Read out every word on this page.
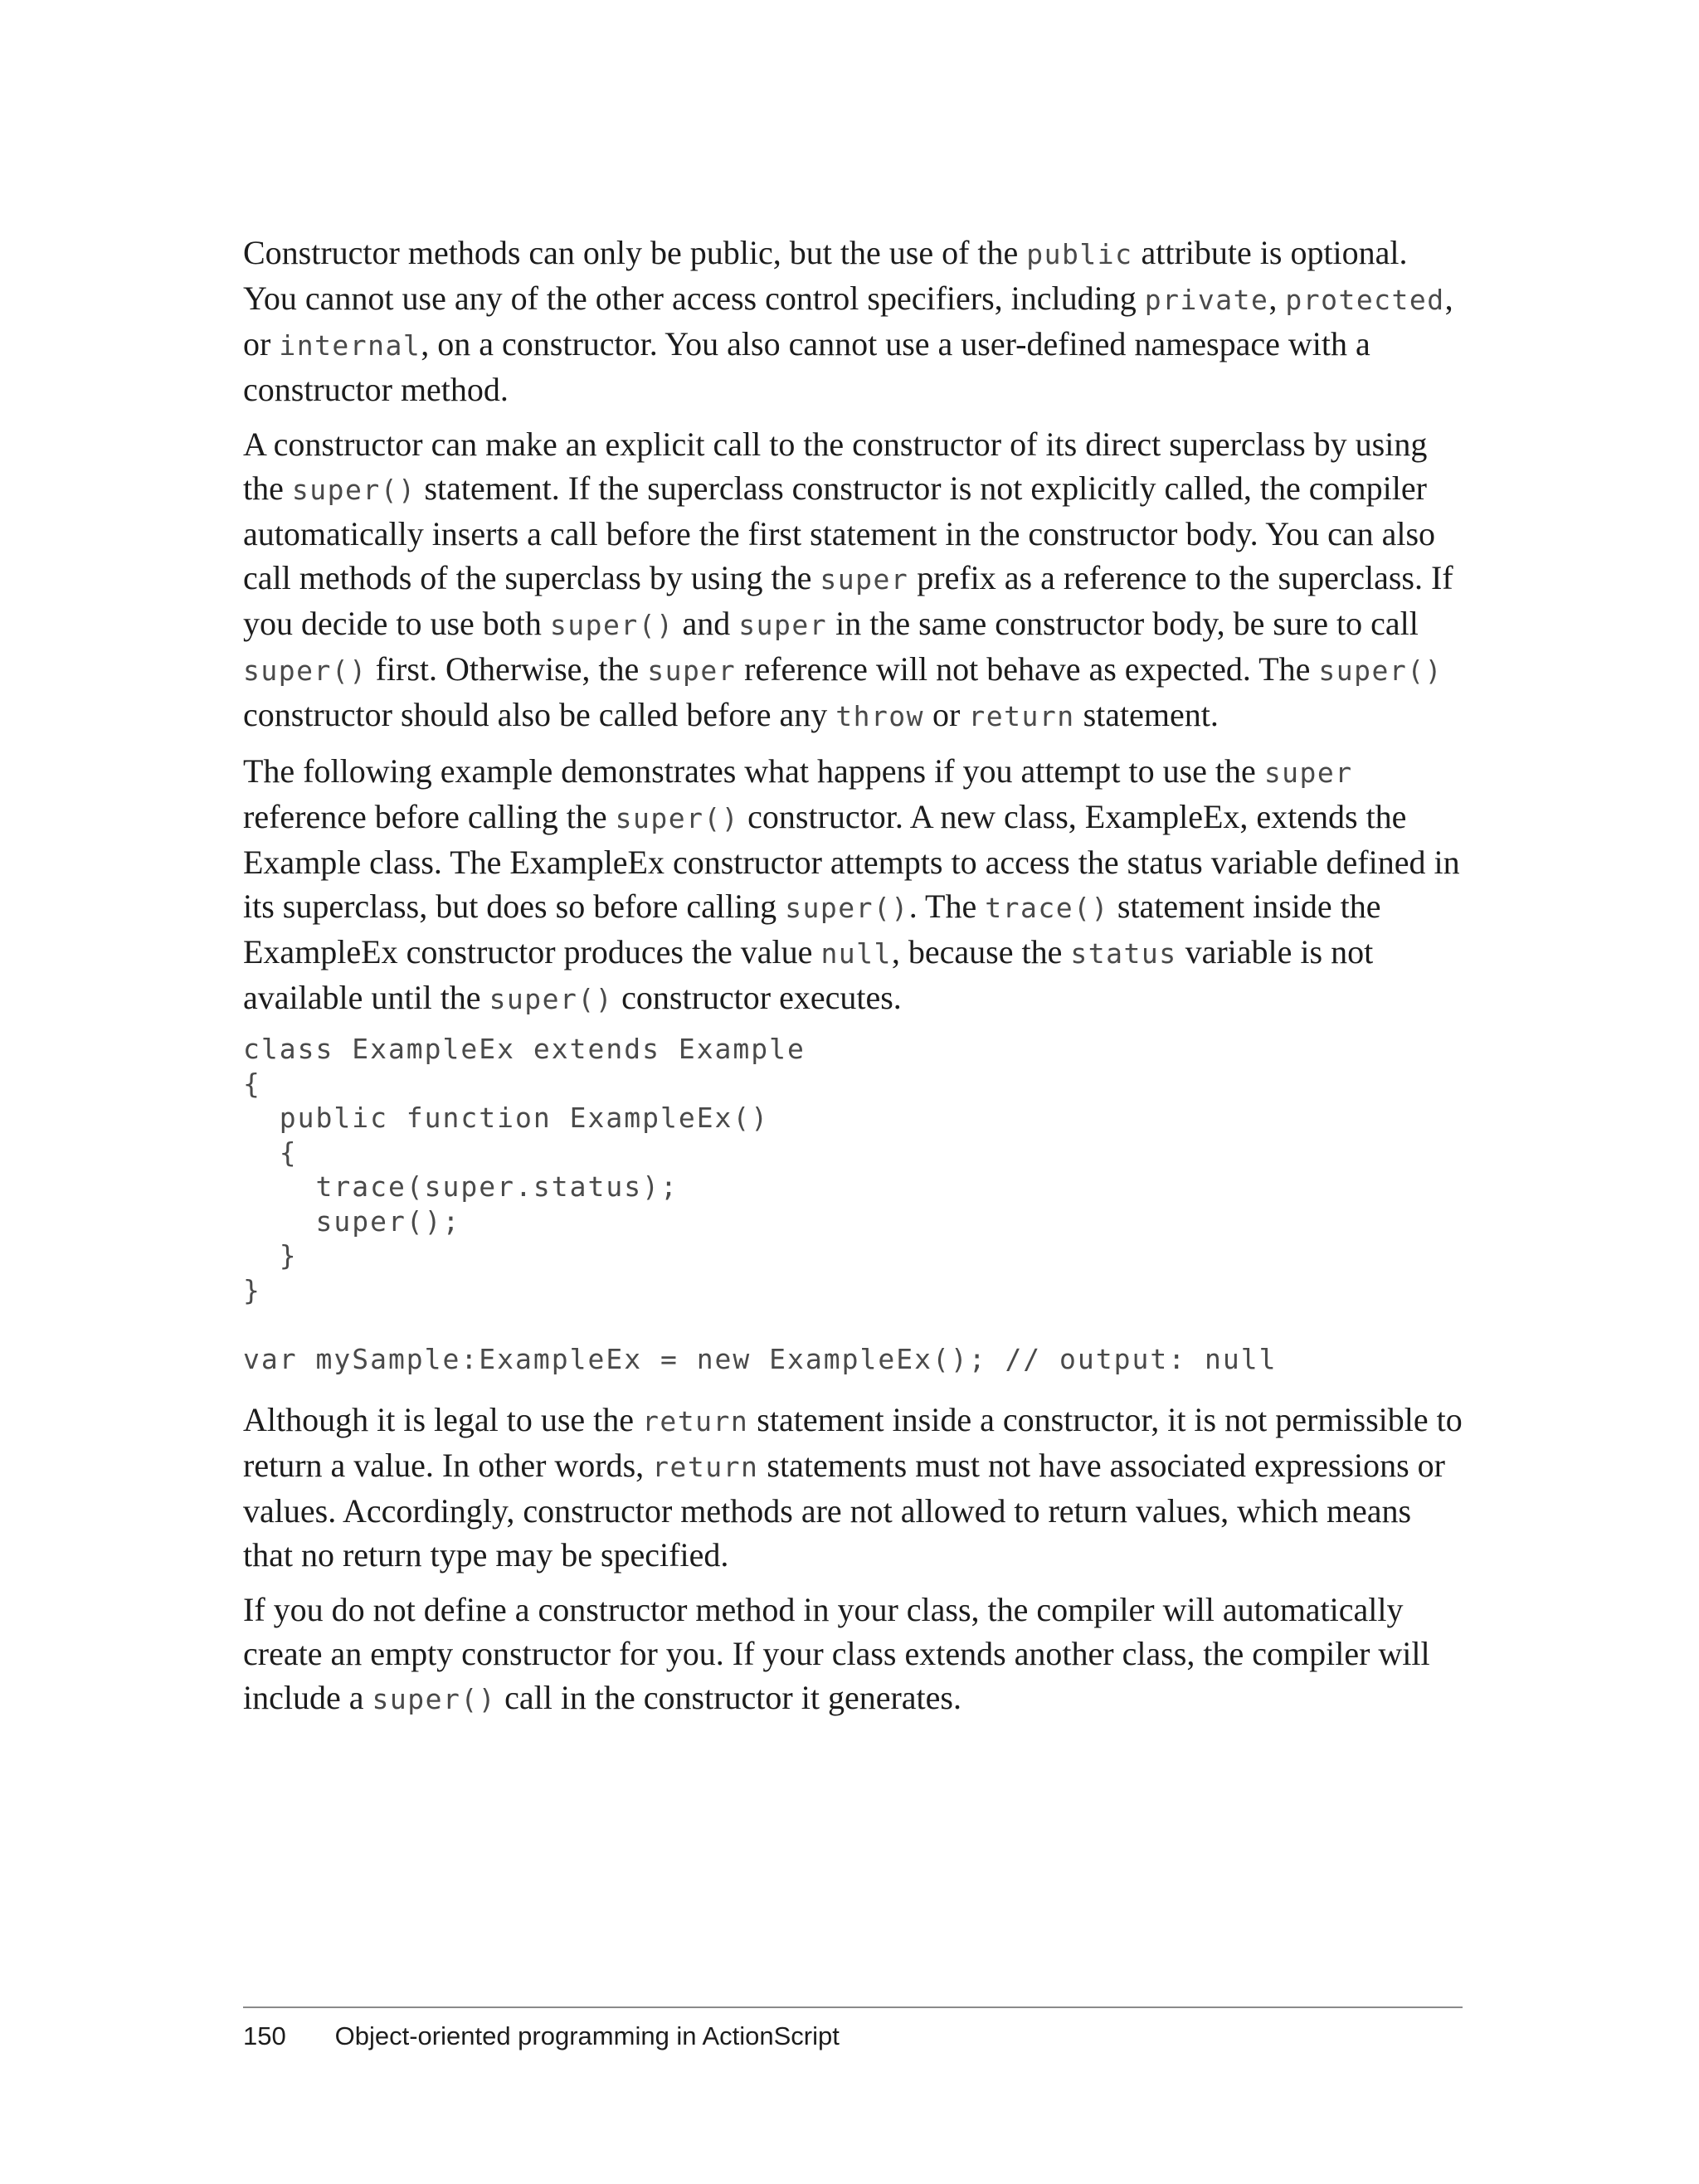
Constructor methods can only be public, but the use of the public attribute is optional. You cannot use any of the other access control specifiers, including private, protected, or internal, on a constructor. You also cannot use a user-defined namespace with a constructor method.

A constructor can make an explicit call to the constructor of its direct superclass by using the super() statement. If the superclass constructor is not explicitly called, the compiler automatically inserts a call before the first statement in the constructor body. You can also call methods of the superclass by using the super prefix as a reference to the superclass. If you decide to use both super() and super in the same constructor body, be sure to call super() first. Otherwise, the super reference will not behave as expected. The super() constructor should also be called before any throw or return statement.

The following example demonstrates what happens if you attempt to use the super reference before calling the super() constructor. A new class, ExampleEx, extends the Example class. The ExampleEx constructor attempts to access the status variable defined in its superclass, but does so before calling super(). The trace() statement inside the ExampleEx constructor produces the value null, because the status variable is not available until the super() constructor executes.

class ExampleEx extends Example
{
public function ExampleEx()
{
trace(super.status);
super();
}
}
var mySample:ExampleEx = new ExampleEx(); // output: null

Although it is legal to use the return statement inside a constructor, it is not permissible to return a value. In other words, return statements must not have associated expressions or values. Accordingly, constructor methods are not allowed to return values, which means that no return type may be specified.

If you do not define a constructor method in your class, the compiler will automatically create an empty constructor for you. If your class extends another class, the compiler will include a super() call in the constructor it generates.

150 Object-oriented programming in ActionScript
